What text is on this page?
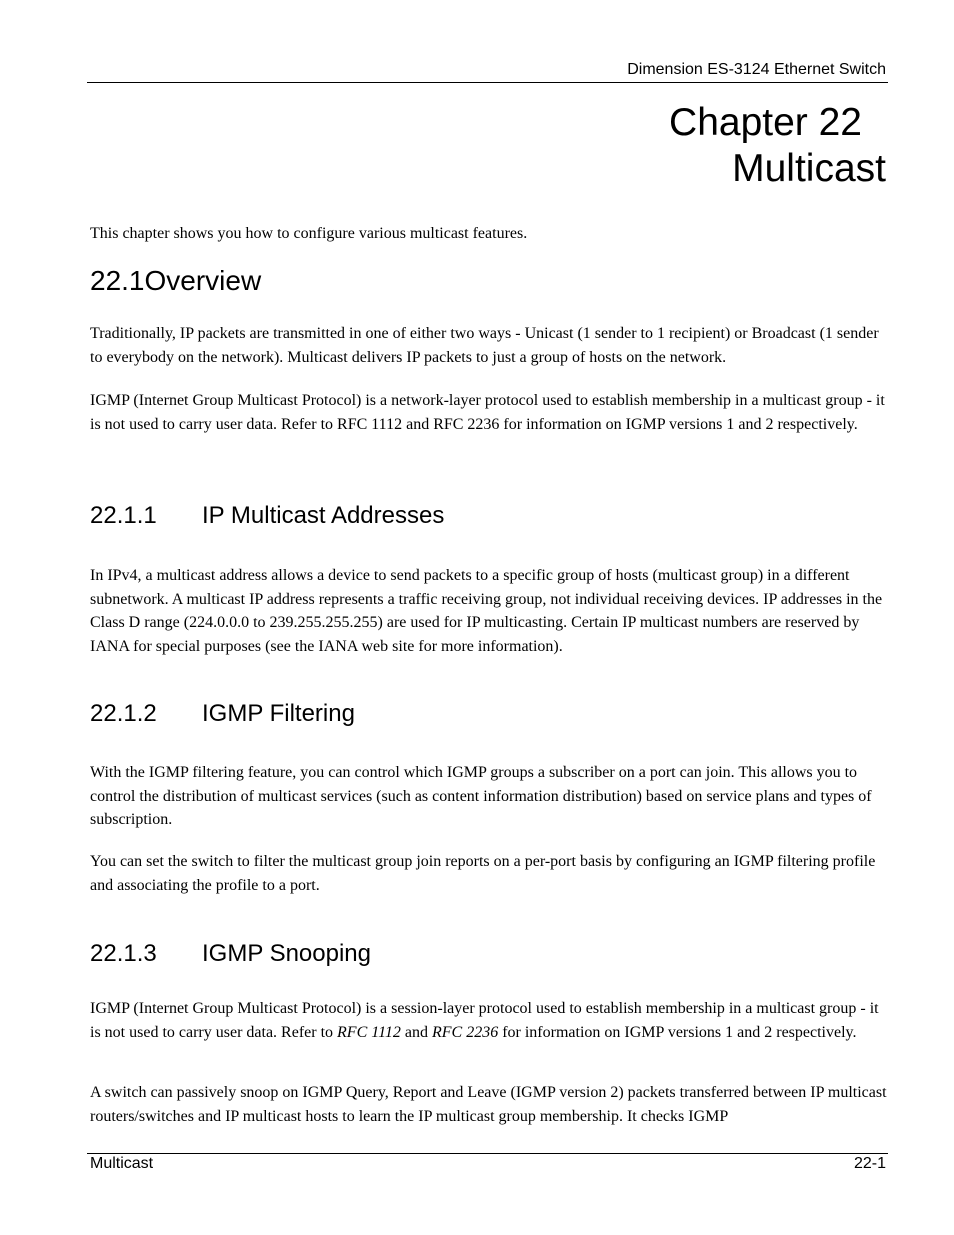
Dimension ES-3124 Ethernet Switch
Chapter 22
Multicast

This chapter shows you how to configure various multicast features.

22.1Overview

Traditionally, IP packets are transmitted in one of either two ways - Unicast (1 sender to 1 recipient) or Broadcast (1 sender to everybody on the network). Multicast delivers IP packets to just a group of hosts on the network.

IGMP (Internet Group Multicast Protocol) is a network-layer protocol used to establish membership in a multicast group - it is not used to carry user data. Refer to RFC 1112 and RFC 2236 for information on IGMP versions 1 and 2 respectively.

22.1.1 IP Multicast Addresses

In IPv4, a multicast address allows a device to send packets to a specific group of hosts (multicast group) in a different subnetwork. A multicast IP address represents a traffic receiving group, not individual receiving devices. IP addresses in the Class D range (224.0.0.0 to 239.255.255.255) are used for IP multicasting. Certain IP multicast numbers are reserved by IANA for special purposes (see the IANA web site for more information).

22.1.2 IGMP Filtering

With the IGMP filtering feature, you can control which IGMP groups a subscriber on a port can join. This allows you to control the distribution of multicast services (such as content information distribution) based on service plans and types of subscription.

You can set the switch to filter the multicast group join reports on a per-port basis by configuring an IGMP filtering profile and associating the profile to a port.

22.1.3 IGMP Snooping

IGMP (Internet Group Multicast Protocol) is a session-layer protocol used to establish membership in a multicast group - it is not used to carry user data. Refer to RFC 1112 and RFC 2236 for information on IGMP versions 1 and 2 respectively.

A switch can passively snoop on IGMP Query, Report and Leave (IGMP version 2) packets transferred between IP multicast routers/switches and IP multicast hosts to learn the IP multicast group membership. It checks IGMP

Multicast	22-1
